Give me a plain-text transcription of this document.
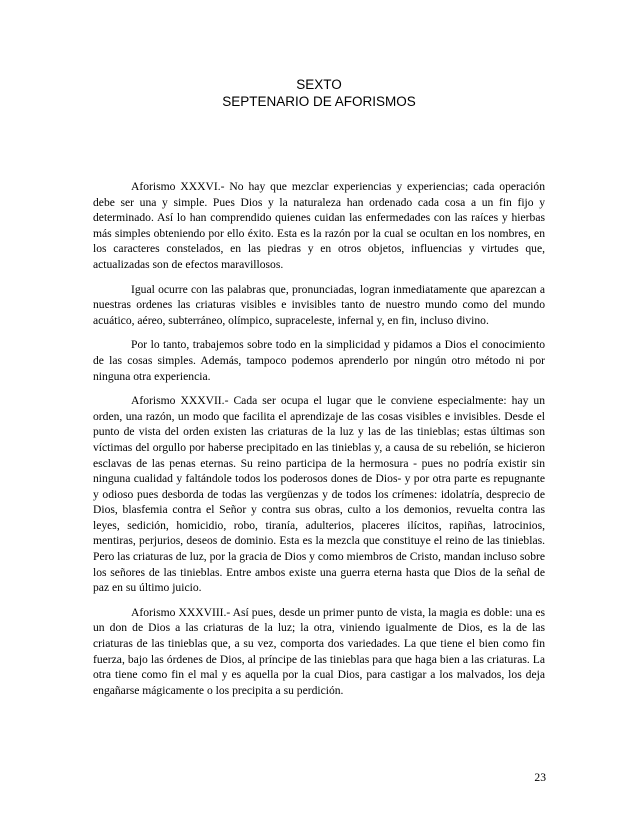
SEXTO
SEPTENARIO DE AFORISMOS

Aforismo XXXVI.- No hay que mezclar experiencias y experiencias; cada operación debe ser una y simple. Pues Dios y la naturaleza han ordenado cada cosa a un fin fijo y determinado. Así lo han comprendido quienes cuidan las enfermedades con las raíces y hierbas más simples obteniendo por ello éxito. Esta es la razón por la cual se ocultan en los nombres, en los caracteres constelados, en las piedras y en otros objetos, influencias y virtudes que, actualizadas son de efectos maravillosos.

Igual ocurre con las palabras que, pronunciadas, logran inmediatamente que aparezcan a nuestras ordenes las criaturas visibles e invisibles tanto de nuestro mundo como del mundo acuático, aéreo, subterráneo, olímpico, supraceleste, infernal y, en fin, incluso divino.

Por lo tanto, trabajemos sobre todo en la simplicidad y pidamos a Dios el conocimiento de las cosas simples. Además, tampoco podemos aprenderlo por ningún otro método ni por ninguna otra experiencia.

Aforismo XXXVII.- Cada ser ocupa el lugar que le conviene especialmente: hay un orden, una razón, un modo que facilita el aprendizaje de las cosas visibles e invisibles. Desde el punto de vista del orden existen las criaturas de la luz y las de las tinieblas; estas últimas son víctimas del orgullo por haberse precipitado en las tinieblas y, a causa de su rebelión, se hicieron esclavas de las penas eternas. Su reino participa de la hermosura - pues no podría existir sin ninguna cualidad y faltándole todos los poderosos dones de Dios- y por otra parte es repugnante y odioso pues desborda de todas las vergüenzas y de todos los crímenes: idolatría, desprecio de Dios, blasfemia contra el Señor y contra sus obras, culto a los demonios, revuelta contra las leyes, sedición, homicidio, robo, tiranía, adulterios, placeres ilícitos, rapiñas, latrocinios, mentiras, perjurios, deseos de dominio. Esta es la mezcla que constituye el reino de las tinieblas. Pero las criaturas de luz, por la gracia de Dios y como miembros de Cristo, mandan incluso sobre los señores de las tinieblas. Entre ambos existe una guerra eterna hasta que Dios de la señal de paz en su último juicio.

Aforismo XXXVIII.- Así pues, desde un primer punto de vista, la magia es doble: una es un don de Dios a las criaturas de la luz; la otra, viniendo igualmente de Dios, es la de las criaturas de las tinieblas que, a su vez, comporta dos variedades. La que tiene el bien como fin fuerza, bajo las órdenes de Dios, al príncipe de las tinieblas para que haga bien a las criaturas. La otra tiene como fin el mal y es aquella por la cual Dios, para castigar a los malvados, los deja engañarse mágicamente o los precipita a su perdición.

23
